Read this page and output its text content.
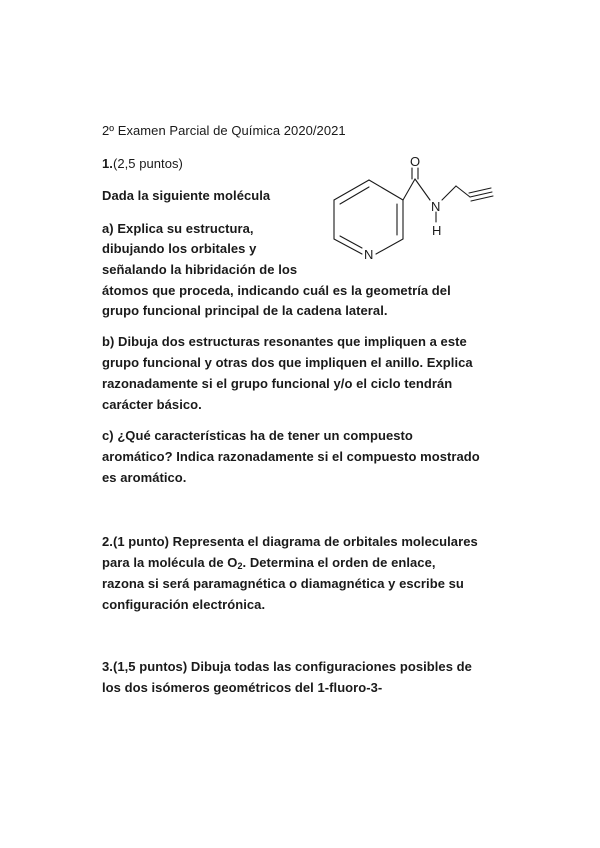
2º Examen Parcial de Química 2020/2021
1.(2,5 puntos)
Dada la siguiente molécula
a) Explica su estructura,
dibujando los orbitales y
señalando la hibridación de los
átomos que proceda, indicando cuál es la geometría del
grupo funcional principal de la cadena lateral.
b) Dibuja dos estructuras resonantes que impliquen a este
grupo funcional y otras dos que impliquen el anillo. Explica
razonadamente si el grupo funcional y/o el ciclo tendrán
carácter básico.
c) ¿Qué características ha de tener un compuesto
aromático? Indica razonadamente si el compuesto mostrado
es aromático.
2.(1 punto) Representa el diagrama de orbitales moleculares
para la molécula de $O_2$. Determina el orden de enlace,
razona si será paramagnética o diamagnética y escribe su
configuración electrónica.
3.(1,5 puntos) Dibuja todas las configuraciones posibles de
los dos isómeros geométricos del 1-fluoro-3-
O
N
H
N
